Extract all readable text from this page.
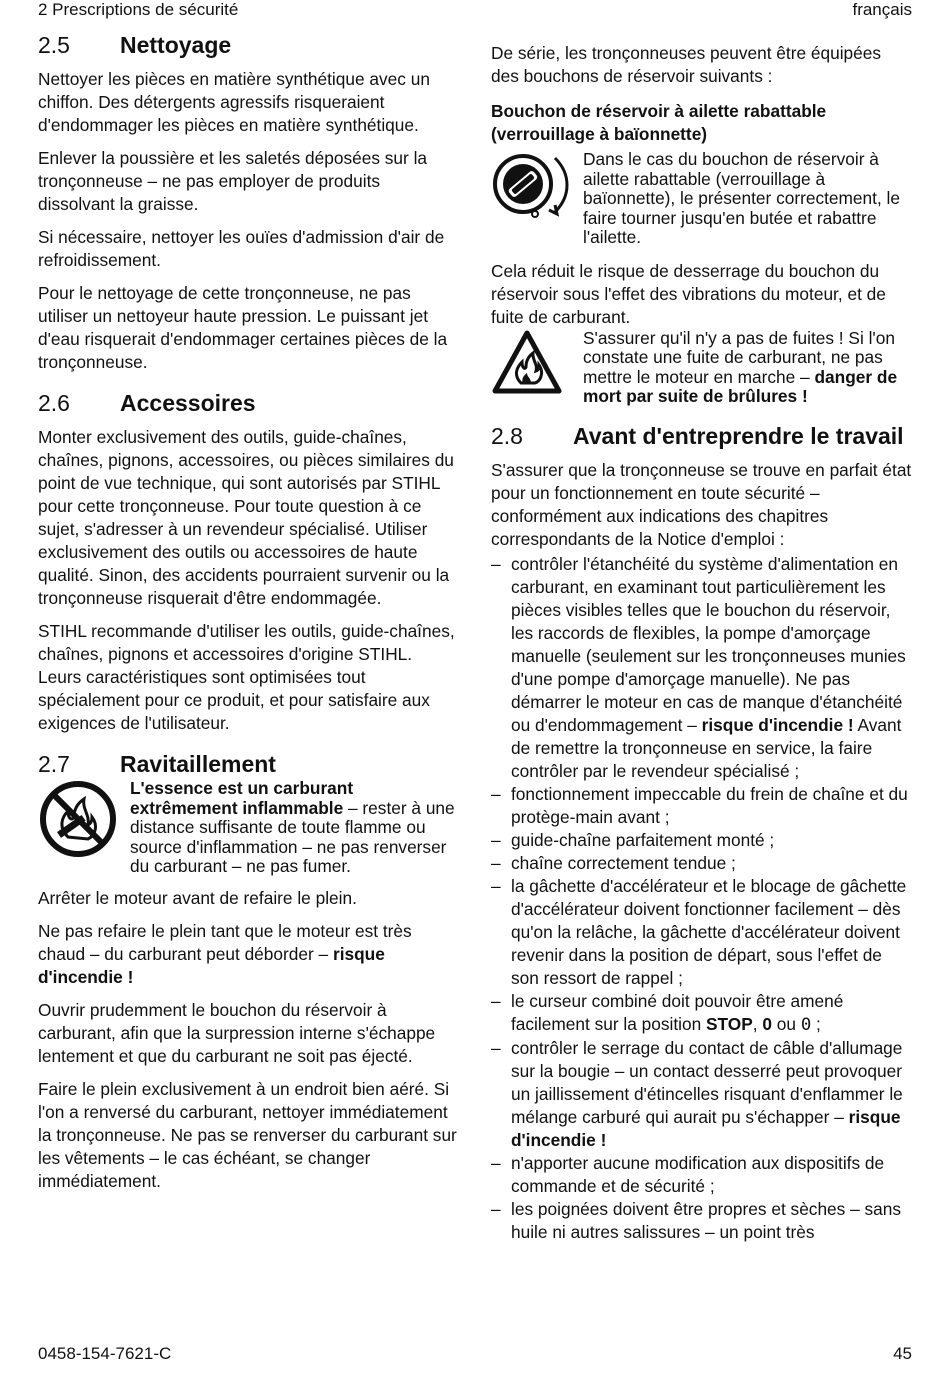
2 Prescriptions de sécurité	français
2.5	Nettoyage

Nettoyer les pièces en matière synthétique avec un chiffon. Des détergents agressifs risqueraient d'endommager les pièces en matière synthétique.

Enlever la poussière et les saletés déposées sur la tronçonneuse – ne pas employer de produits dissolvant la graisse.

Si nécessaire, nettoyer les ouïes d'admission d'air de refroidissement.

Pour le nettoyage de cette tronçonneuse, ne pas utiliser un nettoyeur haute pression. Le puissant jet d'eau risquerait d'endommager certaines pièces de la tronçonneuse.

2.6	Accessoires

Monter exclusivement des outils, guide-chaînes, chaînes, pignons, accessoires, ou pièces similaires du point de vue technique, qui sont autorisés par STIHL pour cette tronçonneuse. Pour toute question à ce sujet, s'adresser à un revendeur spécialisé. Utiliser exclusivement des outils ou accessoires de haute qualité. Sinon, des accidents pourraient survenir ou la tronçonneuse risquerait d'être endommagée.

STIHL recommande d'utiliser les outils, guide-chaînes, chaînes, pignons et accessoires d'origine STIHL. Leurs caractéristiques sont optimisées tout spécialement pour ce produit, et pour satisfaire aux exigences de l'utilisateur.

2.7	Ravitaillement
L'essence est un carburant extrêmement inflammable – rester à une distance suffisante de toute flamme ou source d'inflammation – ne pas renverser du carburant – ne pas fumer.

Arrêter le moteur avant de refaire le plein.

Ne pas refaire le plein tant que le moteur est très chaud – du carburant peut déborder – risque d'incendie !

Ouvrir prudemment le bouchon du réservoir à carburant, afin que la surpression interne s'échappe lentement et que du carburant ne soit pas éjecté.

Faire le plein exclusivement à un endroit bien aéré. Si l'on a renversé du carburant, nettoyer immédiatement la tronçonneuse. Ne pas se renverser du carburant sur les vêtements – le cas échéant, se changer immédiatement.

De série, les tronçonneuses peuvent être équipées des bouchons de réservoir suivants :

Bouchon de réservoir à ailette rabattable (verrouillage à baïonnette)

Dans le cas du bouchon de réservoir à ailette rabattable (verrouillage à baïonnette), le présenter correctement, le faire tourner jusqu'en butée et rabattre l'ailette.

Cela réduit le risque de desserrage du bouchon du réservoir sous l'effet des vibrations du moteur, et de fuite de carburant.

S'assurer qu'il n'y a pas de fuites ! Si l'on constate une fuite de carburant, ne pas mettre le moteur en marche – danger de mort par suite de brûlures !
2.8	Avant d'entreprendre le travail

S'assurer que la tronçonneuse se trouve en parfait état pour un fonctionnement en toute sécurité – conformément aux indications des chapitres correspondants de la Notice d'emploi :

– contrôler l'étanchéité du système d'alimentation en carburant, en examinant tout particulièrement les pièces visibles telles que le bouchon du réservoir, les raccords de flexibles, la pompe d'amorçage manuelle (seulement sur les tronçonneuses munies d'une pompe d'amorçage manuelle). Ne pas démarrer le moteur en cas de manque d'étanchéité ou d'endommagement – risque d'incendie ! Avant de remettre la tronçonneuse en service, la faire contrôler par le revendeur spécialisé ;
– fonctionnement impeccable du frein de chaîne et du protège-main avant ;
– guide-chaîne parfaitement monté ;
– chaîne correctement tendue ;
– la gâchette d'accélérateur et le blocage de gâchette d'accélérateur doivent fonctionner facilement – dès qu'on la relâche, la gâchette d'accélérateur doivent revenir dans la position de départ, sous l'effet de son ressort de rappel ;
– le curseur combiné doit pouvoir être amené facilement sur la position STOP, 0 ou 0 ;
– contrôler le serrage du contact de câble d'allumage sur la bougie – un contact desserré peut provoquer un jaillissement d'étincelles risquant d'enflammer le mélange carburé qui aurait pu s'échapper – risque d'incendie !
– n'apporter aucune modification aux dispositifs de commande et de sécurité ;
– les poignées doivent être propres et sèches – sans huile ni autres salissures – un point très
0458-154-7621-C	45
